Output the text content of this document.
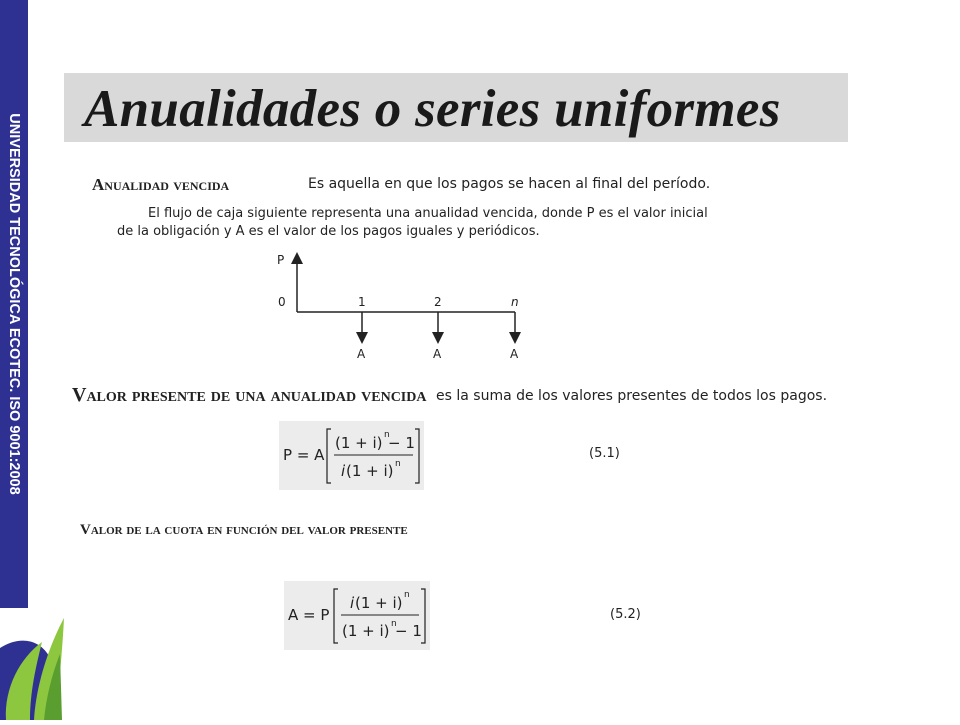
UNIVERSIDAD TECNOLÓGICA ECOTEC. ISO 9001:2008
Anualidades o series uniformes
Anualidad vencida	Es aquella en que los pagos se hacen al final del período.
El flujo de caja siguiente representa una anualidad vencida, donde P es el valor inicial
de la obligación y A es el valor de los pagos iguales y periódicos.
P
0	1	2	n
A	A	A
Valor presente de una anualidad vencida es la suma de los valores presentes de todos los pagos.
P = A
(1 + i) n
− 1
i (1 + i) n
(5.1)
Valor de la cuota en función del valor presente
A = P
i (1 + i) n
(1 + i) n
− 1
(5.2)
